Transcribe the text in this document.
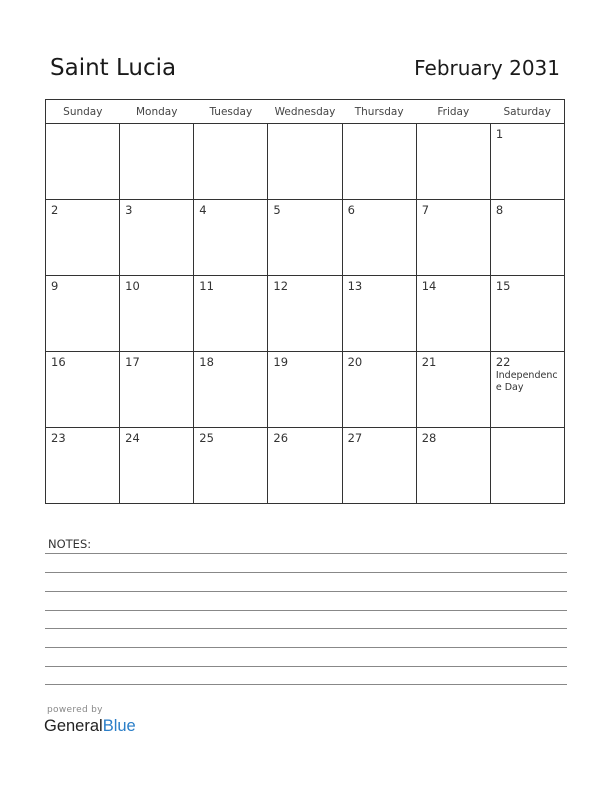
Saint Lucia	February 2031
Sunday	Monday	Tuesday	Wednesday	Thursday	Friday	Saturday

						1

2	3	4	5	6	7	8

9	10	11	12	13	14	15

16	17	18	19	20	21	22
Independence Day

23	24	25	26	27	28	

NOTES:
powered by
GeneralBlue
